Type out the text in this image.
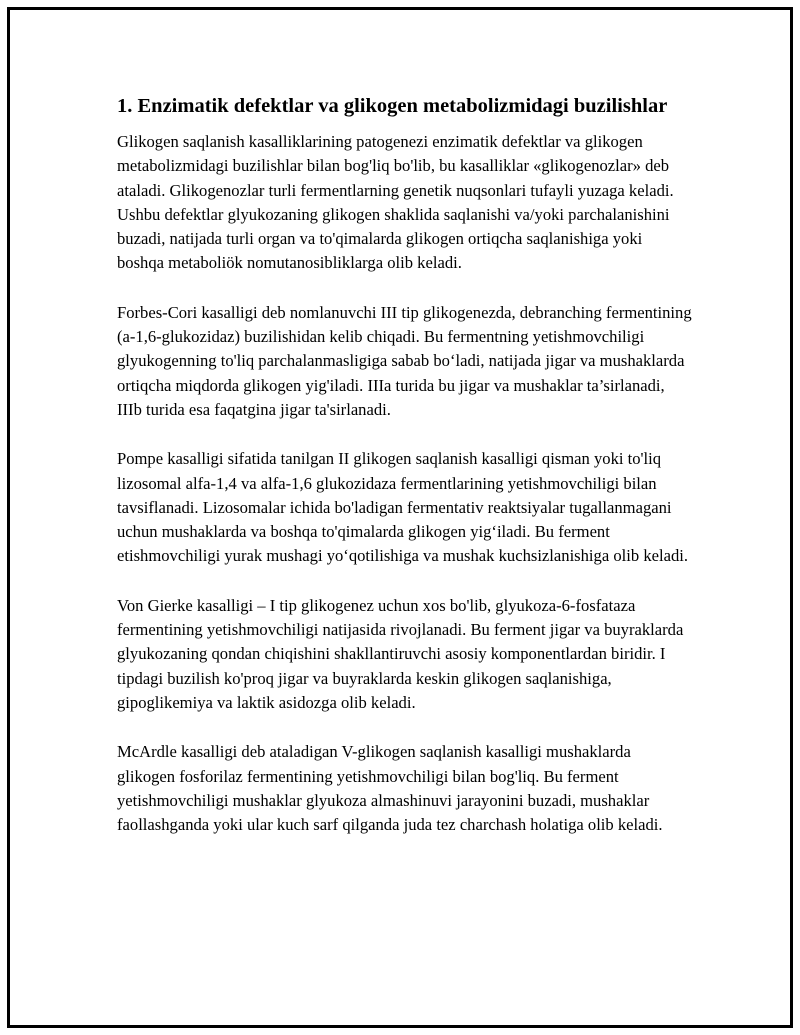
1. Enzimatik defektlar va glikogen metabolizmidagi buzilishlar

Glikogen saqlanish kasalliklarining patogenezi enzimatik defektlar va glikogen metabolizmidagi buzilishlar bilan bog'liq bo'lib, bu kasalliklar «glikogenozlar» deb ataladi. Glikogenozlar turli fermentlarning genetik nuqsonlari tufayli yuzaga keladi. Ushbu defektlar glyukozaning glikogen shaklida saqlanishi va/yoki parchalanishini buzadi, natijada turli organ va to'qimalarda glikogen ortiqcha saqlanishiga yoki boshqa metaboliök nomutanosibliklarga olib keladi.

Forbes-Cori kasalligi deb nomlanuvchi III tip glikogenezda, debranching fermentining (a-1,6-glukozidaz) buzilishidan kelib chiqadi. Bu fermentning yetishmovchiligi glyukogenning to'liq parchalanmasligiga sabab bo‘ladi, natijada jigar va mushaklarda ortiqcha miqdorda glikogen yig'iladi. IIIa turida bu jigar va mushaklar ta’sirlanadi, IIIb turida esa faqatgina jigar ta'sirlanadi.

Pompe kasalligi sifatida tanilgan II glikogen saqlanish kasalligi qisman yoki to'liq lizosomal alfa-1,4 va alfa-1,6 glukozidaza fermentlarining yetishmovchiligi bilan tavsiflanadi. Lizosomalar ichida bo'ladigan fermentativ reaktsiyalar tugallanmagani uchun mushaklarda va boshqa to'qimalarda glikogen yig‘iladi. Bu ferment etishmovchiligi yurak mushagi yo‘qotilishiga va mushak kuchsizlanishiga olib keladi.

Von Gierke kasalligi – I tip glikogenez uchun xos bo'lib, glyukoza-6-fosfataza fermentining yetishmovchiligi natijasida rivojlanadi. Bu ferment jigar va buyraklarda glyukozaning qondan chiqishini shakllantiruvchi asosiy komponentlardan biridir. I tipdagi buzilish ko'proq jigar va buyraklarda keskin glikogen saqlanishiga, gipoglikemiya va laktik asidozga olib keladi.

McArdle kasalligi deb ataladigan V-glikogen saqlanish kasalligi mushaklarda glikogen fosforilaz fermentining yetishmovchiligi bilan bog'liq. Bu ferment yetishmovchiligi mushaklar glyukoza almashinuvi jarayonini buzadi, mushaklar faollashganda yoki ular kuch sarf qilganda juda tez charchash holatiga olib keladi.
